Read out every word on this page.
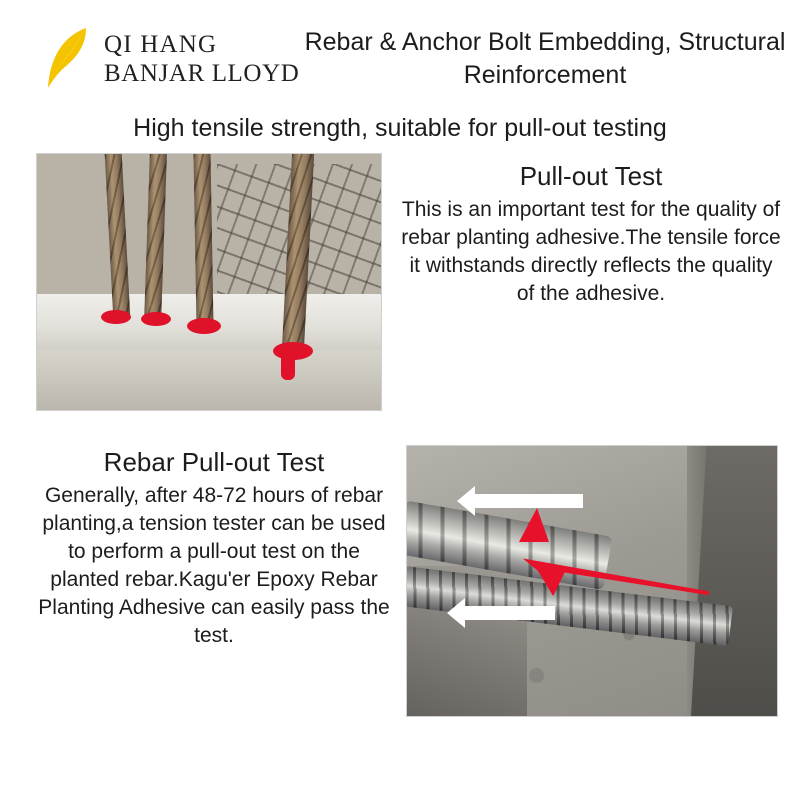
QI HANG
BANJAR LLOYD
Rebar & Anchor Bolt Embedding, Structural Reinforcement
High tensile strength, suitable for pull-out testing
Pull-out Test
This is an important test for the quality of rebar planting adhesive.The tensile force it withstands directly reflects the quality of the adhesive.
Rebar Pull-out Test
Generally, after 48-72 hours of rebar planting,a tension tester can be used to perform a pull-out test on the planted rebar.Kagu'er Epoxy Rebar Planting Adhesive can easily pass the test.
